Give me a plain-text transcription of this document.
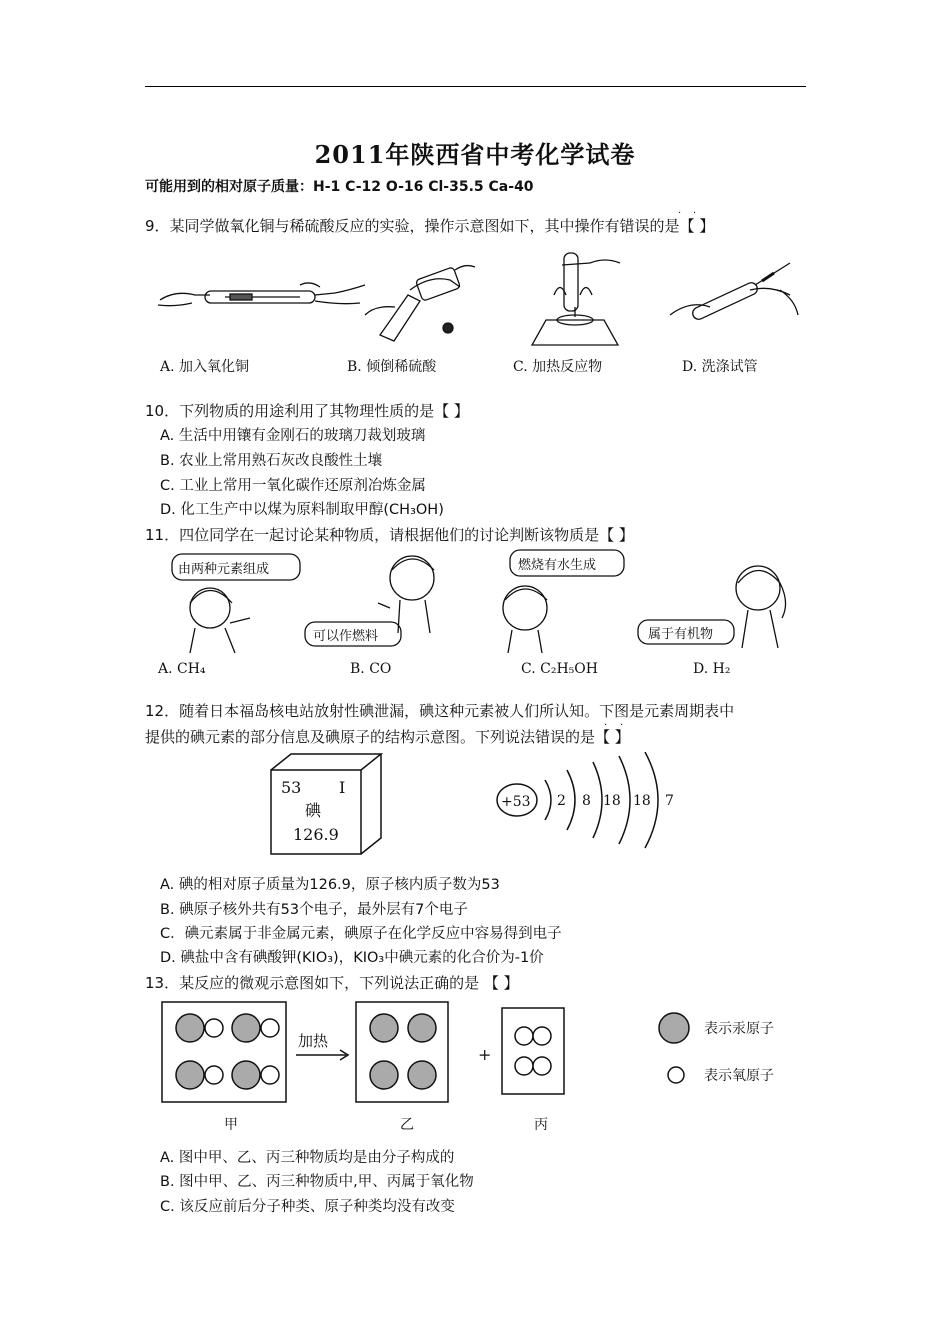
2011年陕西省中考化学试卷
可能用到的相对原子质量：H-1 C-12 O-16 Cl-35.5 Ca-40
9．某同学做氧化铜与稀硫酸反应的实验，操作示意图如下，其中操作有错误的是【 】
· ·
A. 加入氧化铜	B. 倾倒稀硫酸	C. 加热反应物	D. 洗涤试管
10．下列物质的用途利用了其物理性质的是【 】
A. 生活中用镶有金刚石的玻璃刀裁划玻璃
B. 农业上常用熟石灰改良酸性土壤
C. 工业上常用一氧化碳作还原剂冶炼金属
D. 化工生产中以煤为原料制取甲醇(CH₃OH)
11．四位同学在一起讨论某种物质，请根据他们的讨论判断该物质是【 】
由两种元素组成
可以作燃料
燃烧有水生成
属于有机物
A. CH₄	B. CO	C. C₂H₅OH	D. H₂
12．随着日本福岛核电站放射性碘泄漏，碘这种元素被人们所认知。下图是元素周期表中
提供的碘元素的部分信息及碘原子的结构示意图。下列说法错误的是【 】
· ·
53 I
碘
126.9
+53 2 8 18 18 7
A. 碘的相对原子质量为126.9，原子核内质子数为53
B. 碘原子核外共有53个电子，最外层有7个电子
C．碘元素属于非金属元素，碘原子在化学反应中容易得到电子
D. 碘盐中含有碘酸钾(KIO₃)，KIO₃中碘元素的化合价为-1价
13．某反应的微观示意图如下，下列说法正确的是 【 】
加热
+
表示汞原子
表示氧原子
甲	乙	丙
A. 图中甲、乙、丙三种物质均是由分子构成的
B. 图中甲、乙、丙三种物质中,甲、丙属于氧化物
C. 该反应前后分子种类、原子种类均没有改变
